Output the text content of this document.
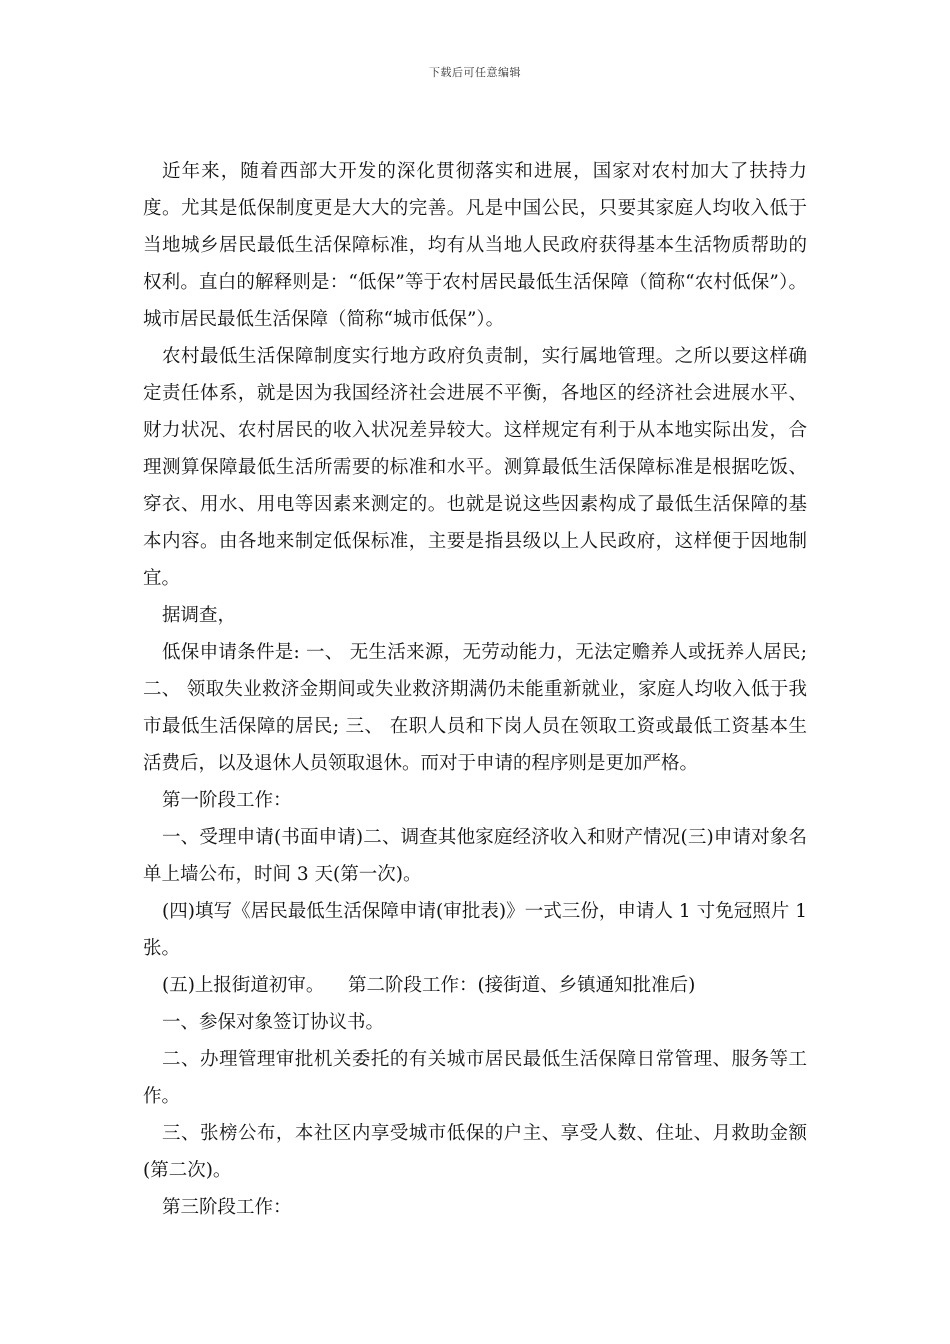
下载后可任意编辑

近年来，随着西部大开发的深化贯彻落实和进展，国家对农村加大了扶持力度。尤其是低保制度更是大大的完善。凡是中国公民，只要其家庭人均收入低于当地城乡居民最低生活保障标准，均有从当地人民政府获得基本生活物质帮助的权利。直白的解释则是：“低保”等于农村居民最低生活保障（简称“农村低保”）。城市居民最低生活保障（简称“城市低保”）。

农村最低生活保障制度实行地方政府负责制，实行属地管理。之所以要这样确定责任体系，就是因为我国经济社会进展不平衡，各地区的经济社会进展水平、财力状况、农村居民的收入状况差异较大。这样规定有利于从本地实际出发，合理测算保障最低生活所需要的标准和水平。测算最低生活保障标准是根据吃饭、穿衣、用水、用电等因素来测定的。也就是说这些因素构成了最低生活保障的基本内容。由各地来制定低保标准，主要是指县级以上人民政府，这样便于因地制宜。

据调查，

低保申请条件是: 一、 无生活来源，无劳动能力，无法定赡养人或抚养人居民; 二、 领取失业救济金期间或失业救济期满仍未能重新就业，家庭人均收入低于我市最低生活保障的居民; 三、 在职人员和下岗人员在领取工资或最低工资基本生活费后，以及退休人员领取退休。而对于申请的程序则是更加严格。

第一阶段工作：

一、受理申请(书面申请)二、调查其他家庭经济收入和财产情况(三)申请对象名单上墙公布，时间 3 天(第一次)。

(四)填写《居民最低生活保障申请(审批表)》一式三份，申请人 1 寸免冠照片 1 张。

(五)上报街道初审。    第二阶段工作：(接街道、乡镇通知批准后)

一、参保对象签订协议书。

二、办理管理审批机关委托的有关城市居民最低生活保障日常管理、服务等工作。

三、张榜公布，本社区内享受城市低保的户主、享受人数、住址、月救助金额(第二次)。

第三阶段工作：
